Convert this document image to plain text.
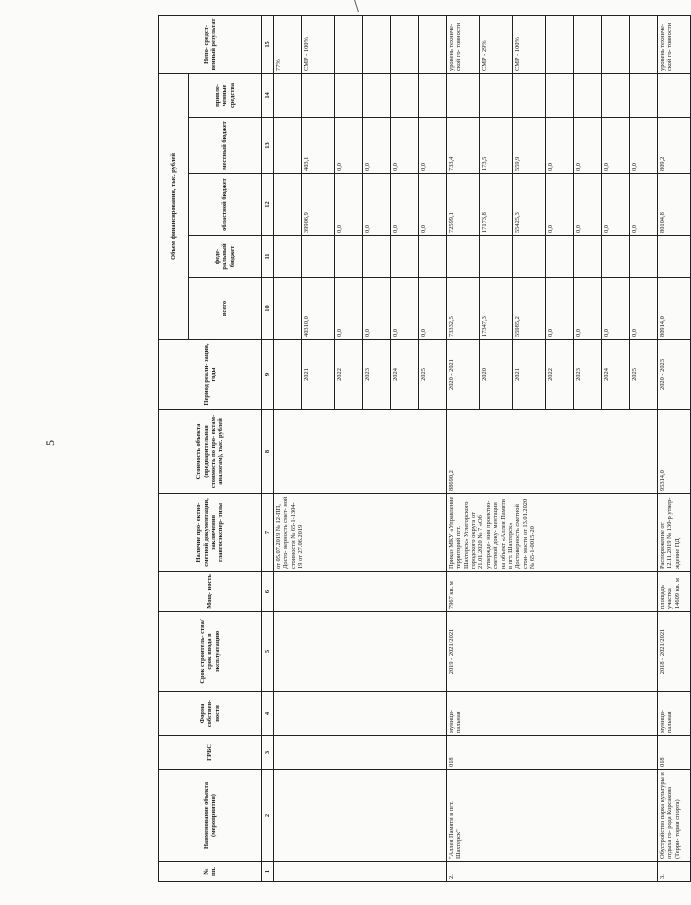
5
№ пп.	Наименование объекта (мероприятия)	ГРБС	Форма собствен- ности	Срок строитель- ства/срок ввода в эксплуатацию	Мощ- ность	Наличие про- ектно-сметной документации, заключения главгосэкспер- тизы	Стоимость объекта (предварительная стоимость по про- ектам-аналогам), тыс. рублей	Период реали- зации, годы	Объем финансирования, тыс. рублей					Непо- средст- венный результат
									всего	феде- ральный бюджет	областной бюджет	местный бюджет	привле- ченные средства	
1	2	3	4	5	6	7	8	9	10	11	12	13	14	15
						от 05.07.2019 № 12-ПП, Досто- верность смет- ной стоимости № 65-1-1304-19 от 27.06.2019								77%
								2021	40310,0		39906,9	403,1		СМР - 100%
								2022	0,0		0,0	0,0		
								2023	0,0		0,0	0,0		
								2024	0,0		0,0	0,0		
								2025	0,0		0,0	0,0		
2.	"Аллея Памяти в пгт. Шахтерск"	018	муници- пальная	2019 - 2021/2021	7967 кв. м	Приказ МКУ «Управление территорий пгт. Шахтерск» Углегорского городского округа от 21.01.2020 № 7 «Об утвержде- нии проектно- сметной доку- ментации на объект «Аллея Памяти в пгт. Шахтерск» Достоверность сметной стои- мости от 13.01.2020 № 65-1-0015-20	88690,2	2020 - 2021	73332,5		72599,1	733,4		уровень техниче- ской го- товности
								2020	17347,3		17173,8	173,5		СМР - 29%
								2021	55985,2		55425,3	559,9		СМР - 100%
								2022	0,0		0,0	0,0		
								2023	0,0		0,0	0,0		
								2024	0,0		0,0	0,0		
								2025	0,0		0,0	0,0		
3.	Обустройство парка культуры и отдыха го- рода Корсакова (Терри- тория спорта)	018	муници- пальная	2018 - 2021/2021	площадь участка 14609 кв. м	Распоряжение от 12.11.2019 № 130-р утвер- ждение ПД	95314,0	2020 - 2023	80914,0		80104,8	809,2		уровень техниче- ской го- товности
